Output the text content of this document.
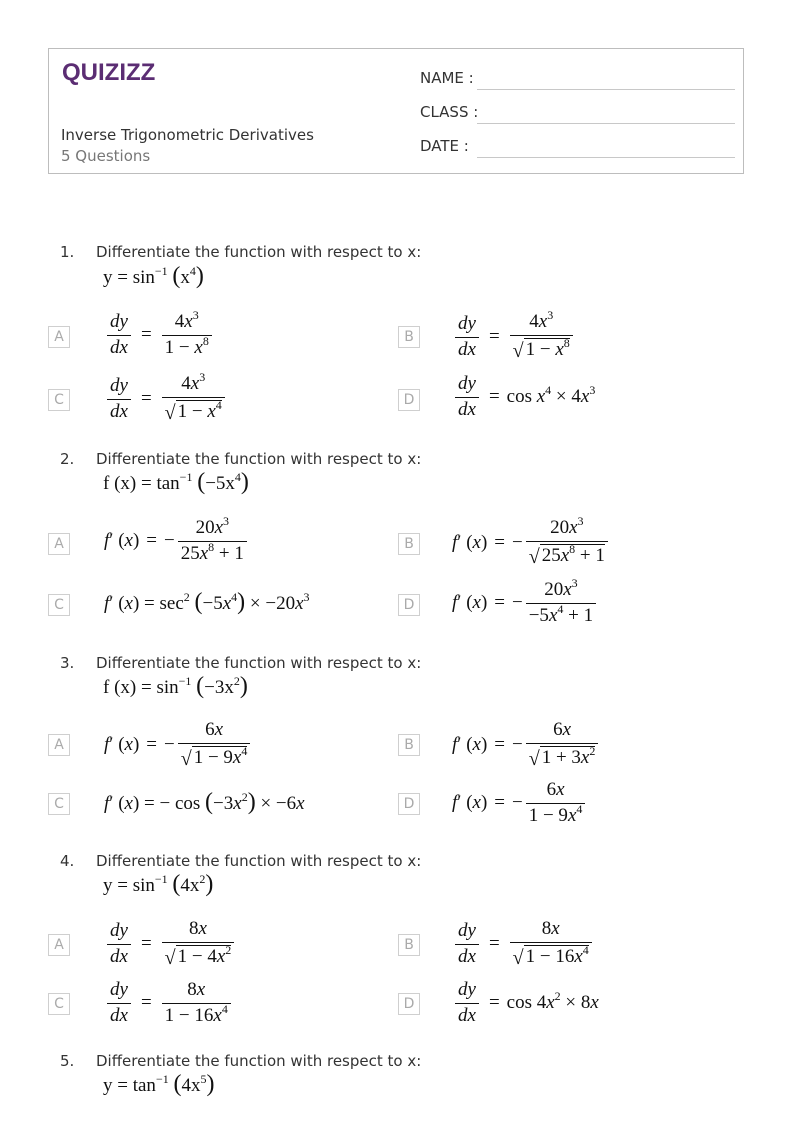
QUIZIZZ
Inverse Trigonometric Derivatives
5 Questions
NAME :
CLASS :
DATE :
1. Differentiate the function with respect to x:
$y = \sin^{-1} (x^4)$
A	$\frac{dy}{dx} = \frac{4x^3}{1 - x^8}$	B	$\frac{dy}{dx} = \frac{4x^3}{√ 1 - x^8}$
C	$\frac{dy}{dx} = \frac{4x^3}{√ 1 - x^4}$	D $\frac{dy}{dx} = \cos x^4 \times 4x^3$
2. Differentiate the function with respect to x:
f $(x) = \tan^{-1} (-5x^4)$
A	f′ (x) = − $\frac{20x^3}{25x^8 + 1}$	B	f′ (x) = − $\frac{20x^3}{√ 25x^8 + 1}$
C	f′ $(x) = \sec^2 (-5x^4) \times -20x^3$	D f′ (x) = − $\frac{20x^3}{-5x^4 + 1}$
3. Differentiate the function with respect to x:
f $(x) = \sin^{-1} (-3x^2)$
A	f′ (x) = − $\frac{6x}{√ 1 - 9x^4}$	B	f′ (x) = − $\frac{6x}{√ 1 + 3x^2}$
C	f′ (x) = − $\cos (-3x^2) \times -6x$	D f′ (x) = − $\frac{6x}{1 - 9x^4}$
4. Differentiate the function with respect to x:
$y = \sin^{-1} (4x^2)$
A	$\frac{dy}{dx} = \frac{8x}{√ 1 - 4x^2}$	B	$\frac{dy}{dx} = \frac{8x}{√ 1 - 16x^4}$
C	$\frac{dy}{dx} = \frac{8x}{1 - 16x^4}$	D $\frac{dy}{dx} = \cos 4x^2 \times 8x$
5. Differentiate the function with respect to x:
$y = \tan^{-1} (4x^5)$
